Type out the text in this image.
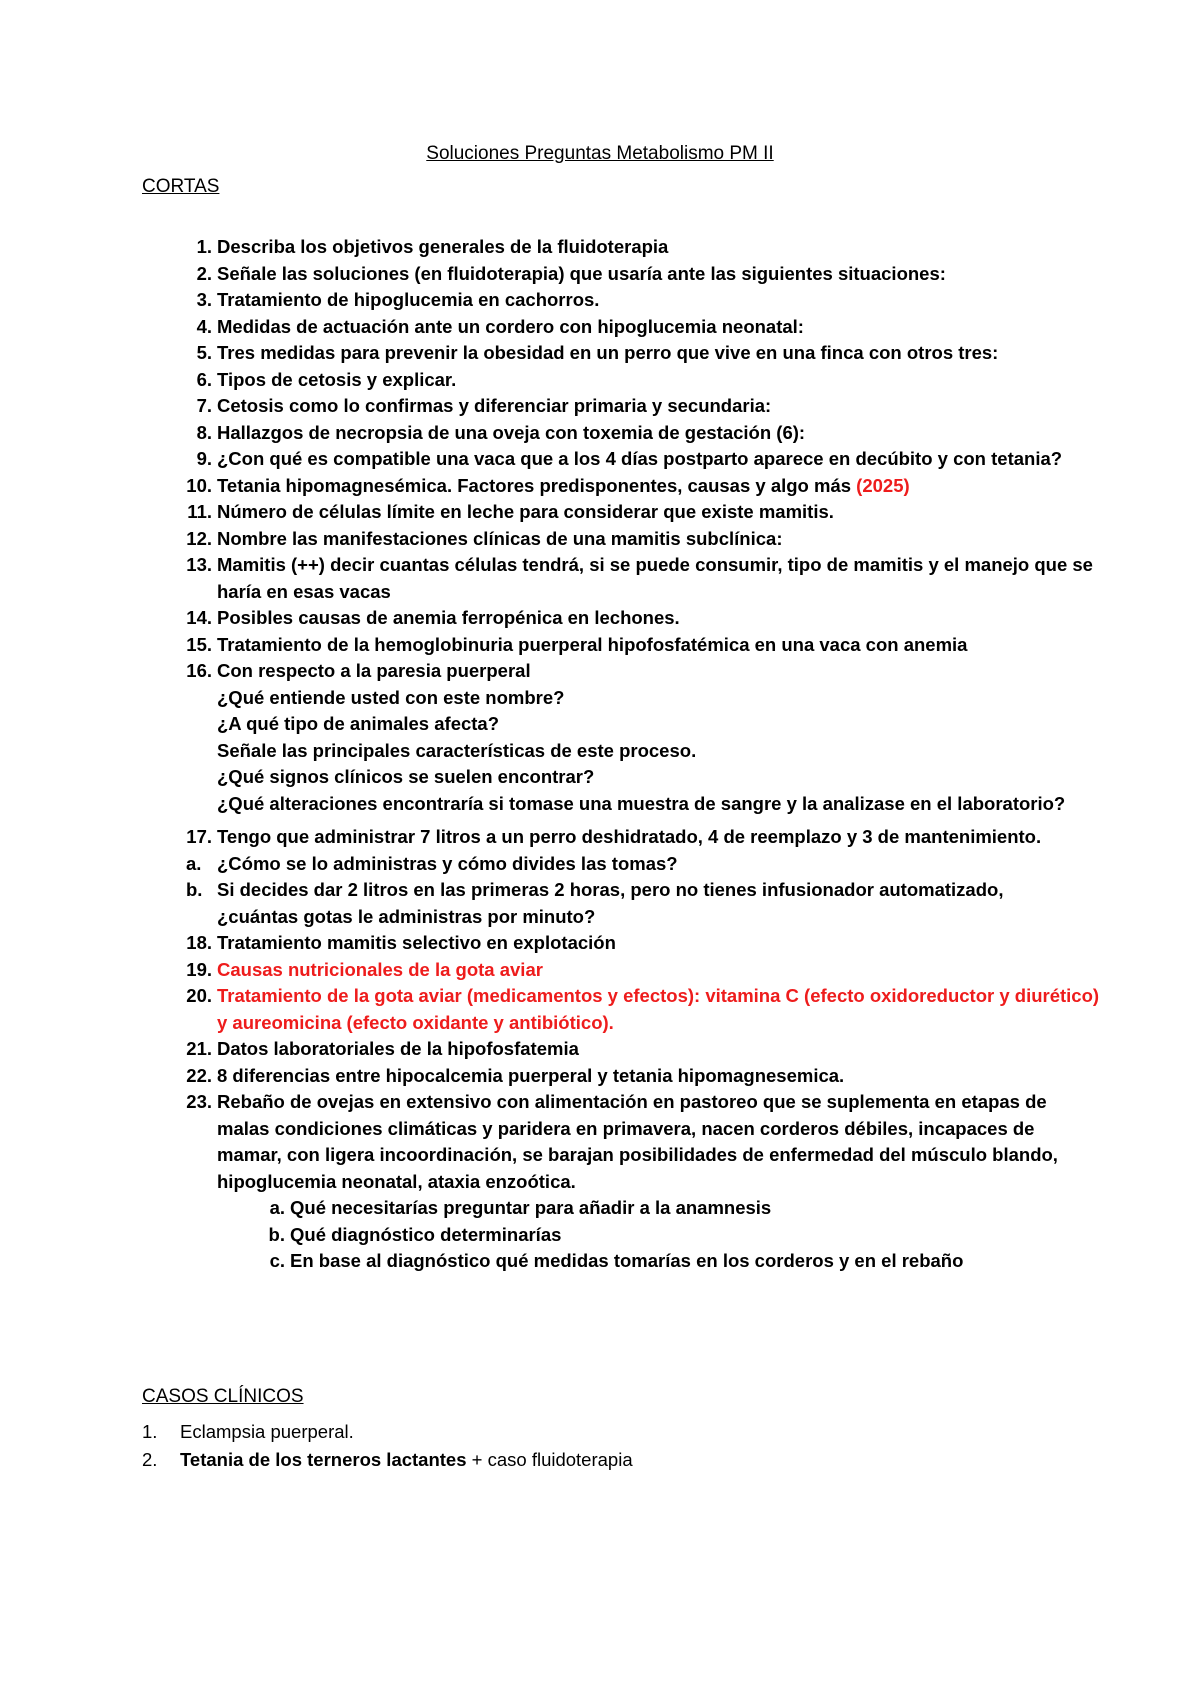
Soluciones Preguntas Metabolismo PM II
CORTAS
1. Describa los objetivos generales de la fluidoterapia
2. Señale las soluciones (en fluidoterapia) que usaría ante las siguientes situaciones:
3. Tratamiento de hipoglucemia en cachorros.
4. Medidas de actuación ante un cordero con hipoglucemia neonatal:
5. Tres medidas para prevenir la obesidad en un perro que vive en una finca con otros tres:
6. Tipos de cetosis y explicar.
7. Cetosis como lo confirmas y diferenciar primaria y secundaria:
8. Hallazgos de necropsia de una oveja con toxemia de gestación (6):
9. ¿Con qué es compatible una vaca que a los 4 días postparto aparece en decúbito y con tetania?
10. Tetania hipomagnesémica. Factores predisponentes, causas y algo más (2025)
11. Número de células límite en leche para considerar que existe mamitis.
12. Nombre las manifestaciones clínicas de una mamitis subclínica:
13. Mamitis (++) decir cuantas células tendrá, si se puede consumir, tipo de mamitis y el manejo que se haría en esas vacas
14. Posibles causas de anemia ferropénica en lechones.
15. Tratamiento de la hemoglobinuria puerperal hipofosfatémica en una vaca con anemia
16. Con respecto a la paresia puerperal
¿Qué entiende usted con este nombre?
¿A qué tipo de animales afecta?
Señale las principales características de este proceso.
¿Qué signos clínicos se suelen encontrar?
¿Qué alteraciones encontraría si tomase una muestra de sangre y la analizase en el laboratorio?
17. Tengo que administrar 7 litros a un perro deshidratado, 4 de reemplazo y 3 de mantenimiento.
a. ¿Cómo se lo administras y cómo divides las tomas?
b. Si decides dar 2 litros en las primeras 2 horas, pero no tienes infusionador automatizado, ¿cuántas gotas le administras por minuto?
18. Tratamiento mamitis selectivo en explotación
19. Causas nutricionales de la gota aviar
20. Tratamiento de la gota aviar (medicamentos y efectos): vitamina C (efecto oxidoreductor y diurético) y aureomicina (efecto oxidante y antibiótico).
21. Datos laboratoriales de la hipofosfatemia
22. 8 diferencias entre hipocalcemia puerperal y tetania hipomagnesemica.
23. Rebaño de ovejas en extensivo con alimentación en pastoreo que se suplementa en etapas de malas condiciones climáticas y paridera en primavera, nacen corderos débiles, incapaces de mamar, con ligera incoordinación, se barajan posibilidades de enfermedad del músculo blando, hipoglucemia neonatal, ataxia enzoótica.
a. Qué necesitarías preguntar para añadir a la anamnesis
b. Qué diagnóstico determinarías
c. En base al diagnóstico qué medidas tomarías en los corderos y en el rebaño
CASOS CLÍNICOS
1.	Eclampsia puerperal.
2.	Tetania de los terneros lactantes + caso fluidoterapia
